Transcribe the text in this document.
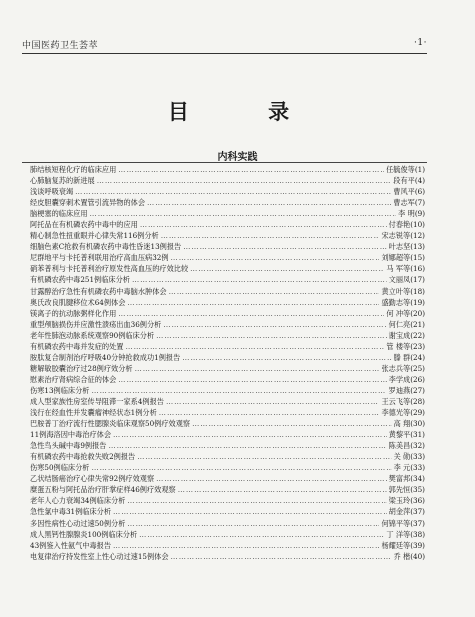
中国医药卫生荟萃	·1·
目 录
内科实践
肺结核短程化疗的临床应用 ………………………………………………………………………………………………………………………………………………	任毓俊等(1)
心肺脑复苏的新进展 ………………………………………………………………………………………………………………………………………………	段有平(4)
浅谈呼吸衰竭 ………………………………………………………………………………………………………………………………………………	曹风平(6)
经皮胆囊穿刺术置管引流异物的体会 ………………………………………………………………………………………………………………………………………………	曹志军(7)
脑梗塞的临床应用 ………………………………………………………………………………………………………………………………………………	李 明(9)
阿托品在有机磷农药中毒中的应用 ………………………………………………………………………………………………………………………………………………	付春艳(10)
精心制急性扭重眼并心律失常116例分析 ………………………………………………………………………………………………………………………………………………	宋志锐等(12)
细脑色素C抢救有机磷农药中毒性昏迷13例报告 ………………………………………………………………………………………………………………………………………………	叶志坚(13)
尼群地平与卡托普利联用治疗高血压病32例 ………………………………………………………………………………………………………………………………………………	刘娜超等(15)
硝苯普利与卡托普利治疗原发性高血压的疗效比较 ………………………………………………………………………………………………………………………………………………	马 军等(16)
有机磷农药中毒251例临床分析 ………………………………………………………………………………………………………………………………………………	文丽凤(17)
甘露醇治疗急性有机磷农药中毒脑水肿体会 ………………………………………………………………………………………………………………………………………………	黄立叶等(18)
奥氏改良肌腱移位术64例体会 ………………………………………………………………………………………………………………………………………………	盛勤志等(19)
镁离子的抗动脉粥样化作用 ………………………………………………………………………………………………………………………………………………	何 冲等(20)
重型颅脑损伤并应激性溃疡出血36例分析 ………………………………………………………………………………………………………………………………………………	何仁亮(21)
老年性肺泡动脉系统观察90例临床分析 ………………………………………………………………………………………………………………………………………………	谢宝成(22)
有机磷农药中毒并发症的处置 ………………………………………………………………………………………………………………………………………………	管 楼等(23)
胺肽复合制剂治疗呼吸40分钟抢救成功1例报告 ………………………………………………………………………………………………………………………………………………	滕 群(24)
糖解敏胶囊治疗过28例疗效分析 ………………………………………………………………………………………………………………………………………………	张志兵等(25)
慰素治疗肾病综合征的体会 ………………………………………………………………………………………………………………………………………………	李学成(26)
伤寒13例临床分析 ………………………………………………………………………………………………………………………………………………	罗迪燕(27)
成人型家族性房室传导阻滞一家系4例报告 ………………………………………………………………………………………………………………………………………………	王云飞等(28)
浅行在经血性并发囊瘤神经状态1例分析 ………………………………………………………………………………………………………………………………………………	李德光等(29)
巴胺普丁治疗流行性腮腺炎临床观察50例疗效观察 ………………………………………………………………………………………………………………………………………………	高 翔(30)
11例海洛因中毒治疗体会 ………………………………………………………………………………………………………………………………………………	黄黎平(31)
急性鸟头碱中毒9例报告 ………………………………………………………………………………………………………………………………………………	陈美昌(32)
有机磷农药中毒抢救失败2例报告 ………………………………………………………………………………………………………………………………………………	关 勋(33)
伤寒50例临床分析 ………………………………………………………………………………………………………………………………………………	李 元(33)
乙状结肠癌治疗心律失常92例疗效观察 ………………………………………………………………………………………………………………………………………………	樊富邦(34)
糜蛋五粉与阿托品治疗肝掌症样46例疗效观察 ………………………………………………………………………………………………………………………………………………	郭先恒(35)
老年人心力衰竭34例临床分析 ………………………………………………………………………………………………………………………………………………	梁玉玲(36)
急性氯中毒31例临床分析 ………………………………………………………………………………………………………………………………………………	胡金萍(37)
多因性病性心动过速50例分析 ………………………………………………………………………………………………………………………………………………	何锦平等(37)
成人黑钙性腺腺炎100例临床分析 ………………………………………………………………………………………………………………………………………………	丁 洋等(38)
43例鉴入性氨气中毒报告 ………………………………………………………………………………………………………………………………………………	杨耀廷等(39)
电复律治疗持发性室上性心动过速15例体会 ………………………………………………………………………………………………………………………………………………	乔 楷(40)
